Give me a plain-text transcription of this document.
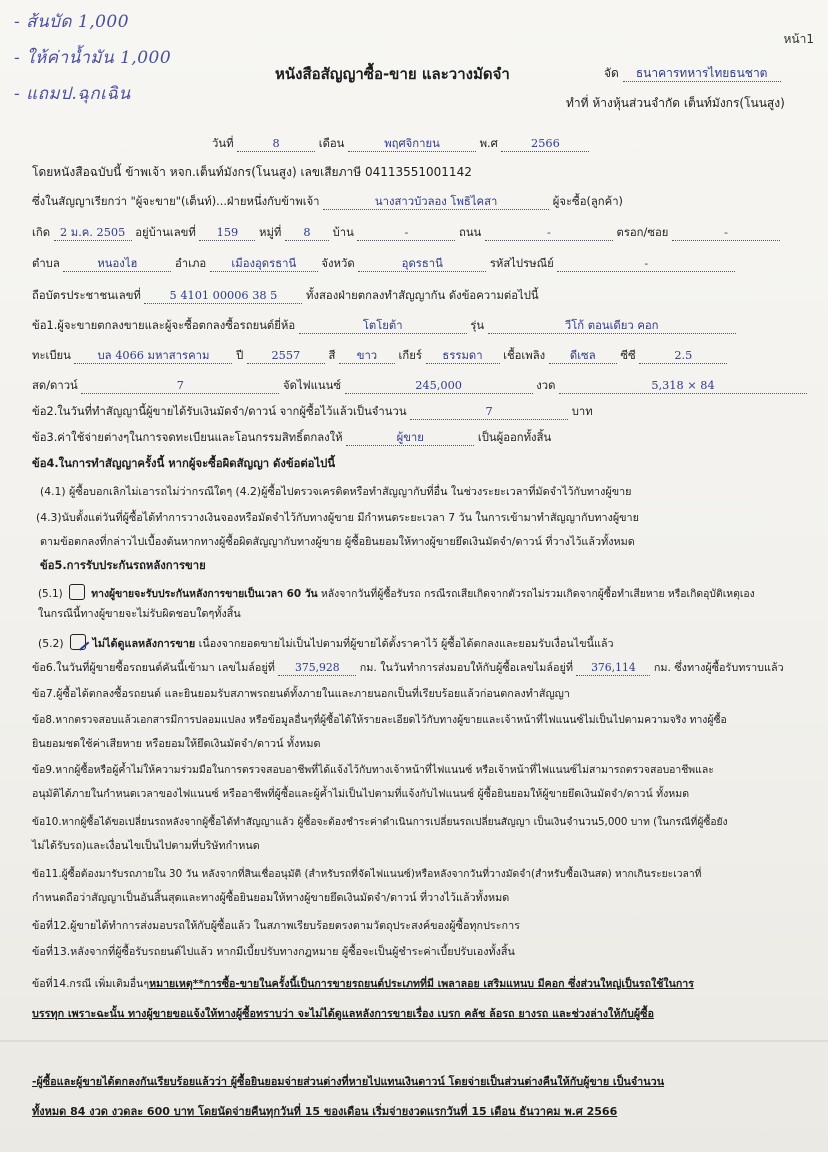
- ส้นบัด 1,000
- ให้ค่าน้ำมัน 1,000
- แถมป.ฉุกเฉิน
หน้า1
หนังสือสัญญาซื้อ-ขาย และวางมัดจำ	จัด ธนาคารทหารไทยธนชาต
ทำที่ ห้างหุ้นส่วนจำกัด เต็นท์มังกร(โนนสูง)
วันที่	8	เดือน	พฤศจิกายน	พ.ศ	2566
โดยหนังสือฉบับนี้ ข้าพเจ้า หจก.เต็นท์มังกร(โนนสูง) เลขเสียภาษี 04113551001142
ซึ่งในสัญญาเรียกว่า "ผู้จะขาย"(เต็นท์)...ฝ่ายหนึ่งกับข้าพเจ้า	นางสาวบัวลอง โพธิไคสา	ผู้จะซื้อ(ลูกค้า)
เกิด 2 ม.ค. 2505 อยู่บ้านเลขที่ 159 หมู่ที่ 8 บ้าน	-	ถนน	-	ตรอก/ซอย	-
ตำบล	หนองไฮ	อำเภอ เมืองอุดรธานี จังหวัด	อุดรธานี	รหัสไปรษณีย์	-
ถือบัตรประชาชนเลขที่	5 4101 00006 38 5	ทั้งสองฝ่ายตกลงทำสัญญากัน ดังข้อความต่อไปนี้
ข้อ1.ผู้จะขายตกลงขายและผู้จะซื้อตกลงซื้อรถยนต์ยี่ห้อ	โตโยต้า	รุ่น	วีโก้ ตอนเดียว คอก
ทะเบียน บล 4066 มหาสารคาม ปี 2557 สี ขาว เกียร์ ธรรมดา เชื้อเพลิง ดีเซล ซีซี	2.5
สด/ดาวน์	7	จัดไฟแนนซ์	245,000	งวด	5,318 × 84
ข้อ2.ในวันที่ทำสัญญานี้ผู้ขายได้รับเงินมัดจำ/ดาวน์ จากผู้ซื้อไว้แล้วเป็นจำนวน	7	บาท
ข้อ3.ค่าใช้จ่ายต่างๆในการจดทะเบียนและโอนกรรมสิทธิ์ตกลงให้	ผู้ขาย	เป็นผู้ออกทั้งสิ้น
ข้อ4.ในการทำสัญญาครั้งนี้ หากผู้จะซื้อผิดสัญญา ดังข้อต่อไปนี้
(4.1) ผู้ซื้อบอกเลิกไม่เอารถไม่ว่ากรณีใดๆ (4.2)ผู้ซื้อไปตรวจเครดิตหรือทำสัญญากับที่อื่น ในช่วงระยะเวลาที่มัดจำไว้กับทางผู้ขาย
(4.3)นับตั้งแต่วันที่ผู้ซื้อได้ทำการวางเงินจองหรือมัดจำไว้กับทางผู้ขาย มีกำหนดระยะเวลา 7 วัน ในการเข้ามาทำสัญญากับทางผู้ขาย
ตามข้อตกลงที่กล่าวไปเบื้องต้นหากทางผู้ซื้อผิดสัญญากับทางผู้ขาย ผู้ซื้อยินยอมให้ทางผู้ขายยึดเงินมัดจำ/ดาวน์ ที่วางไว้แล้วทั้งหมด
ข้อ5.การรับประกันรถหลังการขาย
(5.1)	ทางผู้ขายจะรับประกันหลังการขายเป็นเวลา 60 วัน หลังจากวันที่ผู้ซื้อรับรถ กรณีรถเสียเกิดจากตัวรถไม่รวมเกิดจากผู้ซื้อทำเสียหาย หรือเกิดอุบัติเหตุเอง
ในกรณีนี้ทางผู้ขายจะไม่รับผิดชอบใดๆทั้งสิ้น
(5.2)	ไม่ได้ดูแลหลังการขาย เนื่องจากยอดขายไม่เป็นไปตามที่ผู้ขายได้ตั้งราคาไว้ ผู้ซื้อได้ตกลงและยอมรับเงื่อนไขนี้แล้ว
ข้อ6.ในวันที่ผู้ขายซื้อรถยนต์คันนี้เข้ามา เลขไมล์อยู่ที่ 375,928 กม. ในวันทำการส่งมอบให้กับผู้ซื้อเลขไมล์อยู่ที่ 376,114 กม. ซึ่งทางผู้ซื้อรับทราบแล้ว
ข้อ7.ผู้ซื้อได้ตกลงซื้อรถยนต์ และยินยอมรับสภาพรถยนต์ทั้งภายในและภายนอกเป็นที่เรียบร้อยแล้วก่อนตกลงทำสัญญา
ข้อ8.หากตรวจสอบแล้วเอกสารมีการปลอมแปลง หรือข้อมูลอื่นๆที่ผู้ซื้อได้ให้รายละเอียดไว้กับทางผู้ขายและเจ้าหน้าที่ไฟแนนซ์ไม่เป็นไปตามความจริง ทางผู้ซื้อ
ยินยอมชดใช้ค่าเสียหาย หรือยอมให้ยึดเงินมัดจำ/ดาวน์ ทั้งหมด
ข้อ9.หากผู้ซื้อหรือผู้ค้ำไม่ให้ความร่วมมือในการตรวจสอบอาชีพที่ได้แจ้งไว้กับทางเจ้าหน้าที่ไฟแนนซ์ หรือเจ้าหน้าที่ไฟแนนซ์ไม่สามารถตรวจสอบอาชีพและ
อนุมัติได้ภายในกำหนดเวลาของไฟแนนซ์ หรืออาชีพที่ผู้ซื้อและผู้ค้ำไม่เป็นไปตามที่แจ้งกับไฟแนนซ์ ผู้ซื้อยินยอมให้ผู้ขายยึดเงินมัดจำ/ดาวน์ ทั้งหมด
ข้อ10.หากผู้ซื้อได้ขอเปลี่ยนรถหลังจากผู้ซื้อได้ทำสัญญาแล้ว ผู้ซื้อจะต้องชำระค่าดำเนินการเปลี่ยนรถเปลี่ยนสัญญา เป็นเงินจำนวน5,000 บาท (ในกรณีที่ผู้ซื้อยัง
ไม่ได้รับรถ)และเงื่อนไขเป็นไปตามที่บริษัทกำหนด
ข้อ11.ผู้ซื้อต้องมารับรถภายใน 30 วัน หลังจากที่สินเชื่ออนุมัติ (สำหรับรถที่จัดไฟแนนซ์)หรือหลังจากวันที่วางมัดจำ(สำหรับซื้อเงินสด) หากเกินระยะเวลาที่
กำหนดถือว่าสัญญาเป็นอันสิ้นสุดและทางผู้ซื้อยินยอมให้ทางผู้ขายยึดเงินมัดจำ/ดาวน์ ที่วางไว้แล้วทั้งหมด
ข้อที่12.ผู้ขายได้ทำการส่งมอบรถให้กับผู้ซื้อแล้ว ในสภาพเรียบร้อยตรงตามวัตถุประสงค์ของผู้ซื้อทุกประการ
ข้อที่13.หลังจากที่ผู้ซื้อรับรถยนต์ไปแล้ว หากมีเบี้ยปรับทางกฎหมาย ผู้ซื้อจะเป็นผู้ชำระค่าเบี้ยปรับเองทั้งสิ้น
ข้อที่14.กรณี เพิ่มเติมอื่นๆหมายเหตุ**การซื้อ-ขายในครั้งนี้เป็นการขายรถยนต์ประเภทที่มี เพลาลอย เสริมแหนบ มีคอก ซึ่งส่วนใหญ่เป็นรถใช้ในการ
บรรทุก เพราะฉะนั้น ทางผู้ขายขอแจ้งให้ทางผู้ซื้อทราบว่า จะไม่ได้ดูแลหลังการขายเรื่อง เบรก คลัช ล้อรถ ยางรถ และช่วงล่างให้กับผู้ซื้อ
-ผู้ซื้อและผู้ขายได้ตกลงกันเรียบร้อยแล้วว่า ผู้ซื้อยินยอมจ่ายส่วนต่างที่หายไปแทนเงินดาวน์ โดยจ่ายเป็นส่วนต่างคืนให้กับผู้ขาย เป็นจำนวน
ทั้งหมด 84 งวด งวดละ 600 บาท โดยนัดจ่ายคืนทุกวันที่ 15 ของเดือน เริ่มจ่ายงวดแรกวันที่ 15 เดือน ธันวาคม พ.ศ 2566
